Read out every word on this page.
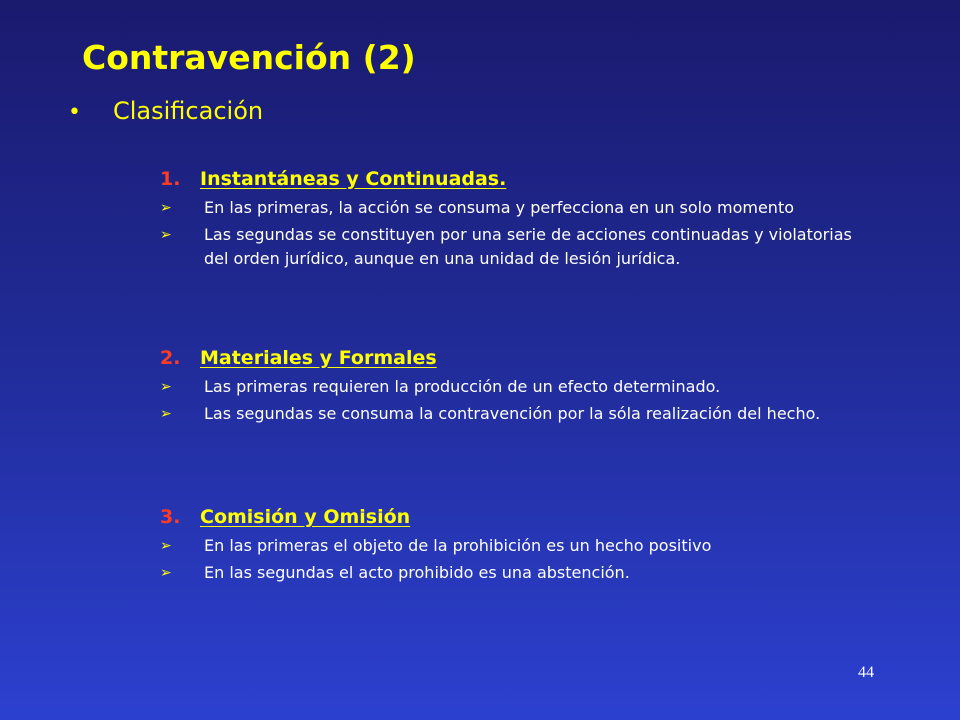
Contravención (2)
• Clasificación
1. Instantáneas y Continuadas.
➢	En las primeras, la acción se consuma y perfecciona en un solo momento
➢	Las segundas se constituyen por una serie de acciones continuadas y violatorias del orden jurídico, aunque en una unidad de lesión jurídica.
2. Materiales y Formales
➢	Las primeras requieren la producción de un efecto determinado.
➢	Las segundas se consuma la contravención por la sóla realización del hecho.
3. Comisión y Omisión
➢	En las primeras el objeto de la prohibición es un hecho positivo
➢	En las segundas el acto prohibido es una abstención.
44
